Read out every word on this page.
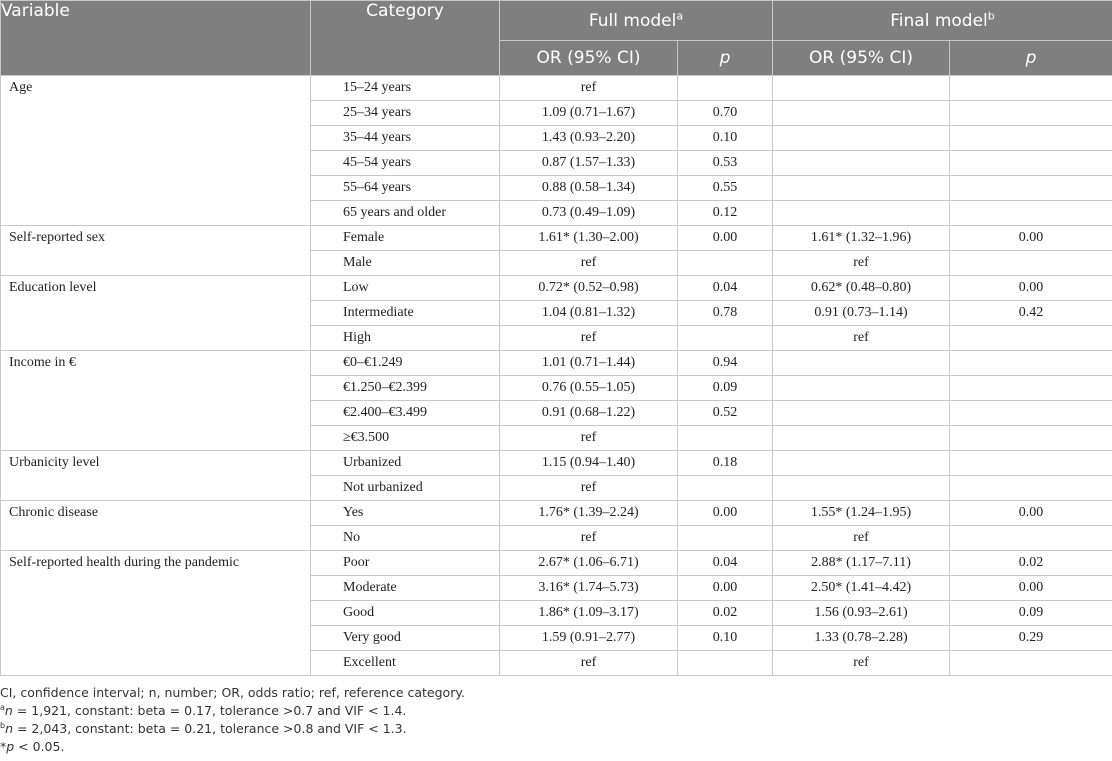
Variable	Category	Full model$^a$		Final model$^b$
		OR (95% CI)	p	OR (95% CI)	p
Age	15–24 years	ref			
	25–34 years	1.09 (0.71–1.67)	0.70		
	35–44 years	1.43 (0.93–2.20)	0.10		
	45–54 years	0.87 (1.57–1.33)	0.53		
	55–64 years	0.88 (0.58–1.34)	0.55		
	65 years and older	0.73 (0.49–1.09)	0.12		
Self-reported sex	Female	1.61* (1.30–2.00)	0.00	1.61* (1.32–1.96)	0.00
	Male	ref		ref	
Education level	Low	0.72* (0.52–0.98)	0.04	0.62* (0.48–0.80)	0.00
	Intermediate	1.04 (0.81–1.32)	0.78	0.91 (0.73–1.14)	0.42
	High	ref		ref	
Income in €	€0–€1.249	1.01 (0.71–1.44)	0.94		
	€1.250–€2.399	0.76 (0.55–1.05)	0.09		
	€2.400–€3.499	0.91 (0.68–1.22)	0.52		
	≥€3.500	ref			
Urbanicity level	Urbanized	1.15 (0.94–1.40)	0.18		
	Not urbanized	ref			
Chronic disease	Yes	1.76* (1.39–2.24)	0.00	1.55* (1.24–1.95)	0.00
	No	ref		ref	
Self-reported health during the pandemic	Poor	2.67* (1.06–6.71)	0.04	2.88* (1.17–7.11)	0.02
	Moderate	3.16* (1.74–5.73)	0.00	2.50* (1.41–4.42)	0.00
	Good	1.86* (1.09–3.17)	0.02	1.56 (0.93–2.61)	0.09
	Very good	1.59 (0.91–2.77)	0.10	1.33 (0.78–2.28)	0.29
	Excellent	ref		ref	
CI, confidence interval; n, number; OR, odds ratio; ref, reference category.
$^a$n = 1,921, constant: beta = 0.17, tolerance >0.7 and VIF < 1.4.
$^b$n = 2,043, constant: beta = 0.21, tolerance >0.8 and VIF < 1.3.
*p < 0.05.
